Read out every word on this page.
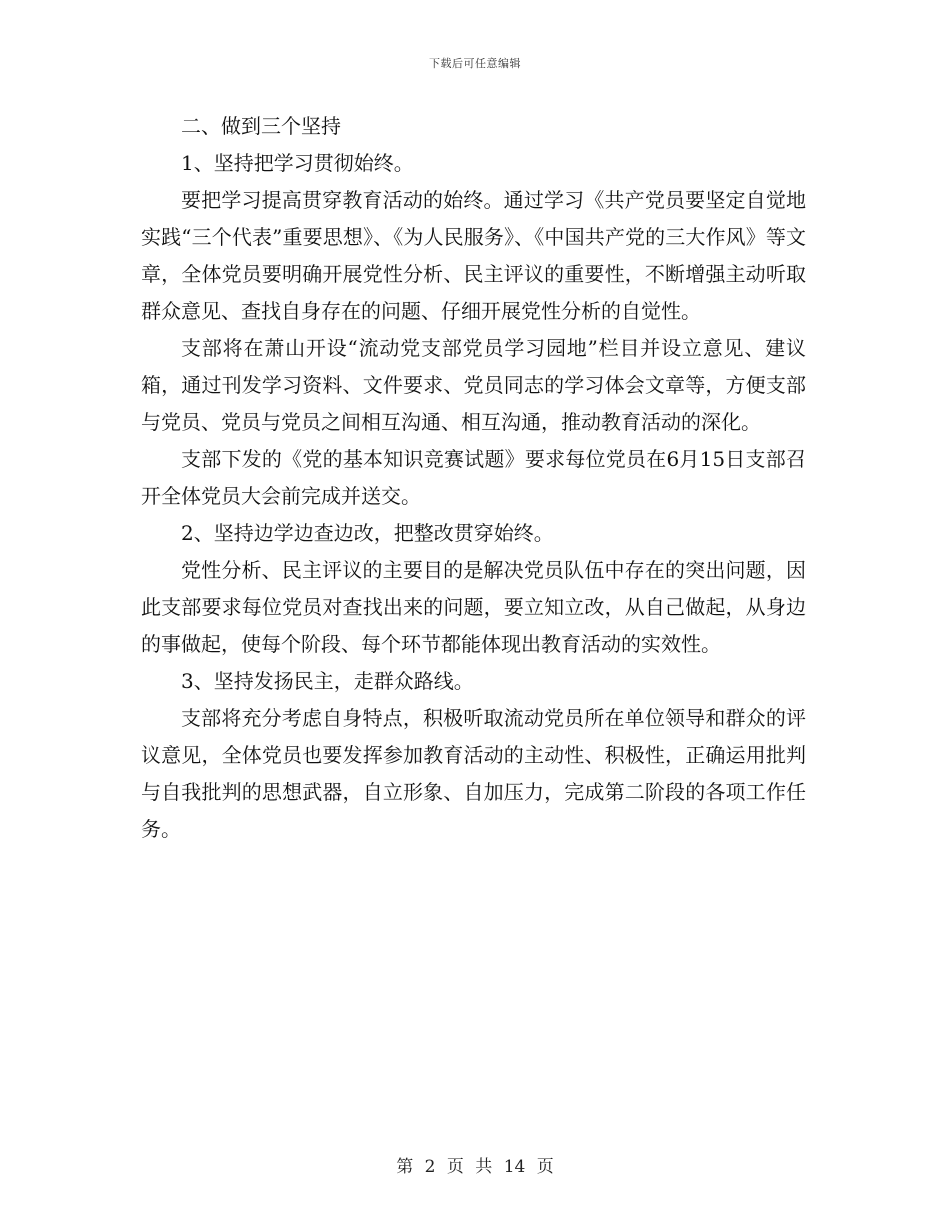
下载后可任意编辑

二、做到三个坚持

1、坚持把学习贯彻始终。

要把学习提高贯穿教育活动的始终。通过学习《共产党员要坚定自觉地实践“三个代表”重要思想》、《为人民服务》、《中国共产党的三大作风》等文章，全体党员要明确开展党性分析、民主评议的重要性，不断增强主动听取群众意见、查找自身存在的问题、仔细开展党性分析的自觉性。

支部将在萧山开设“流动党支部党员学习园地”栏目并设立意见、建议箱，通过刊发学习资料、文件要求、党员同志的学习体会文章等，方便支部与党员、党员与党员之间相互沟通、相互沟通，推动教育活动的深化。

支部下发的《党的基本知识竞赛试题》要求每位党员在6月15日支部召开全体党员大会前完成并送交。

2、坚持边学边查边改，把整改贯穿始终。

党性分析、民主评议的主要目的是解决党员队伍中存在的突出问题，因此支部要求每位党员对查找出来的问题，要立知立改，从自己做起，从身边的事做起，使每个阶段、每个环节都能体现出教育活动的实效性。

3、坚持发扬民主，走群众路线。

支部将充分考虑自身特点，积极听取流动党员所在单位领导和群众的评议意见，全体党员也要发挥参加教育活动的主动性、积极性，正确运用批判与自我批判的思想武器，自立形象、自加压力，完成第二阶段的各项工作任务。

第 2 页 共 14 页
